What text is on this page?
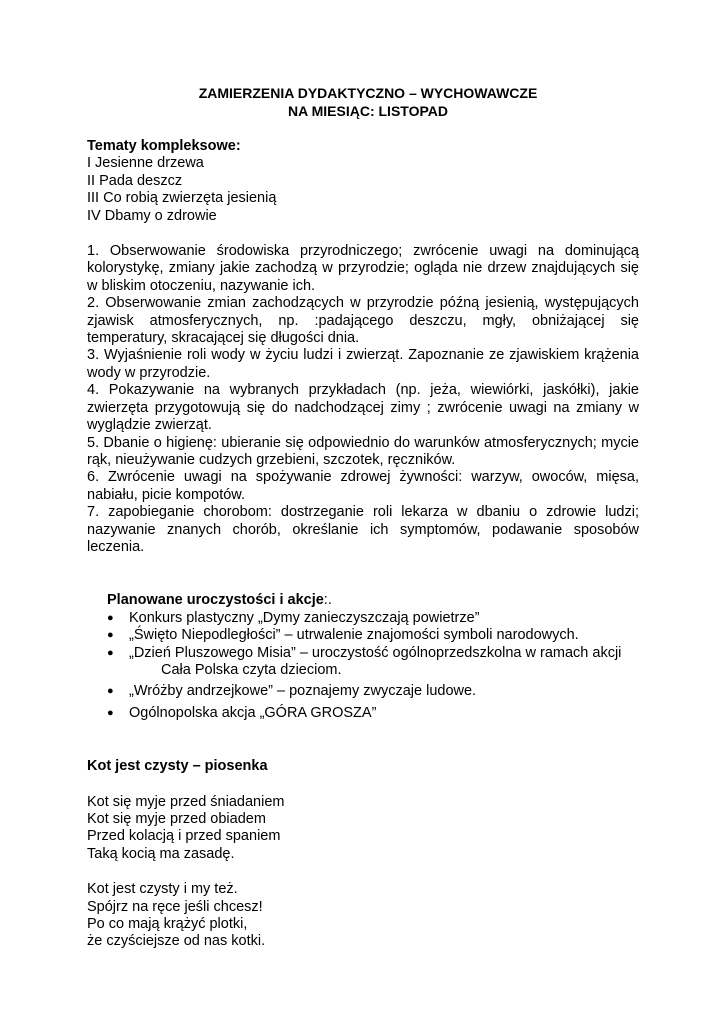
ZAMIERZENIA DYDAKTYCZNO – WYCHOWAWCZE
NA MIESIĄC: LISTOPAD
Tematy kompleksowe:
I Jesienne drzewa
II Pada deszcz
III Co robią zwierzęta jesienią
IV Dbamy o zdrowie
1. Obserwowanie środowiska przyrodniczego; zwrócenie uwagi na dominującą kolorystykę, zmiany jakie zachodzą w przyrodzie; ogląda nie drzew znajdujących się w bliskim otoczeniu, nazywanie ich.
2. Obserwowanie zmian zachodzących w przyrodzie późną jesienią, występujących zjawisk atmosferycznych, np. :padającego deszczu, mgły, obniżającej się temperatury, skracającej się długości dnia.
3. Wyjaśnienie roli wody w życiu ludzi i zwierząt. Zapoznanie ze zjawiskiem krążenia wody w przyrodzie.
4. Pokazywanie na wybranych przykładach (np. jeża, wiewiórki, jaskółki), jakie zwierzęta przygotowują się do nadchodzącej zimy ; zwrócenie uwagi na zmiany w wyglądzie zwierząt.
5. Dbanie o higienę: ubieranie się odpowiednio do warunków atmosferycznych; mycie rąk, nieużywanie cudzych grzebieni, szczotek, ręczników.
6. Zwrócenie uwagi na spożywanie zdrowej żywności: warzyw, owoców, mięsa, nabiału, picie kompotów.
7. zapobieganie chorobom: dostrzeganie roli lekarza w dbaniu o zdrowie ludzi; nazywanie znanych chorób, określanie ich symptomów, podawanie sposobów leczenia.
Planowane uroczystości i akcje:.
● Konkurs plastyczny „Dymy zanieczyszczają powietrze”
● „Święto Niepodległości” – utrwalenie znajomości symboli narodowych.
● „Dzień Pluszowego Misia” – uroczystość ogólnoprzedszkolna w ramach akcji
Cała Polska czyta dzieciom.
● „Wróżby andrzejkowe” – poznajemy zwyczaje ludowe.
● Ogólnopolska akcja „GÓRA GROSZA”
Kot jest czysty – piosenka
Kot się myje przed śniadaniem
Kot się myje przed obiadem
Przed kolacją i przed spaniem
Taką kocią ma zasadę.
Kot jest czysty i my też.
Spójrz na ręce jeśli chcesz!
Po co mają krążyć plotki,
że czyściejsze od nas kotki.
